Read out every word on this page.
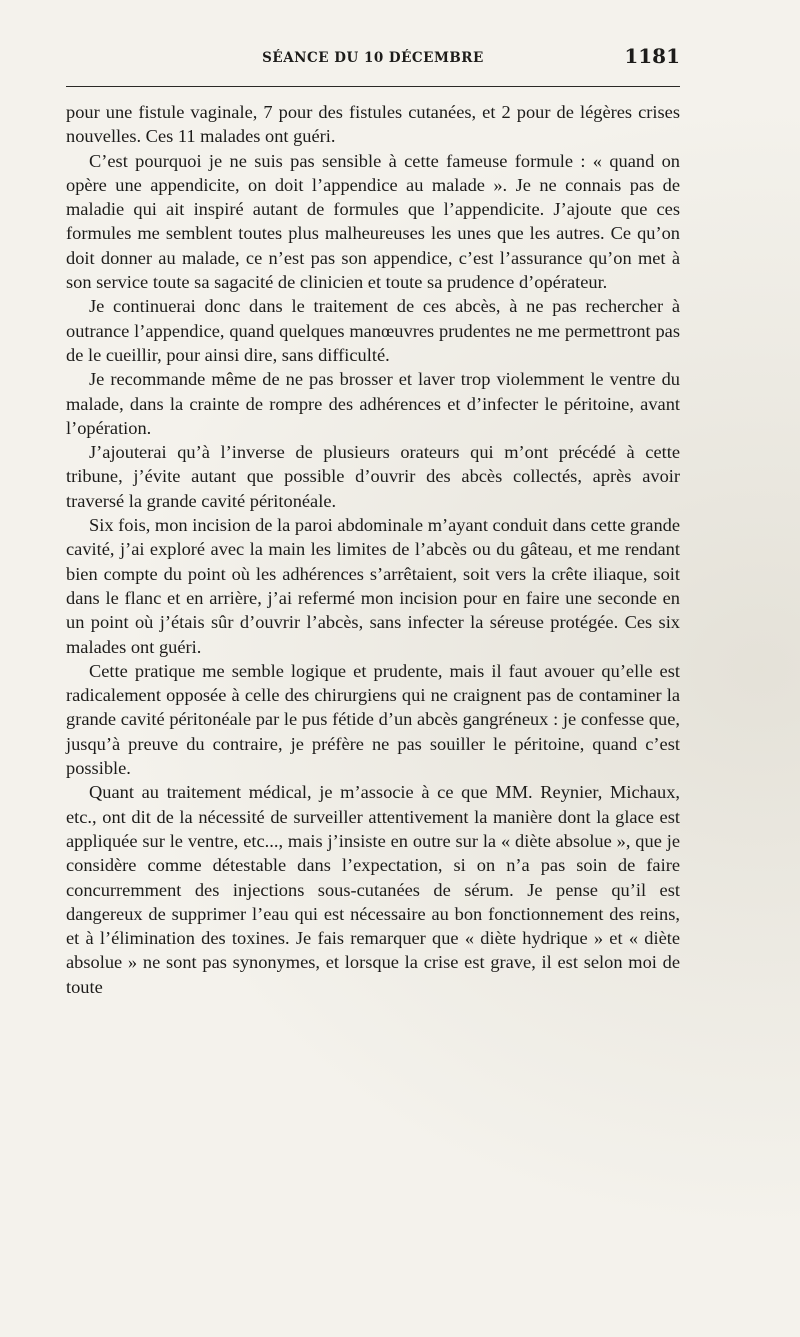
SÉANCE DU 10 DÉCEMBRE	1181

pour une fistule vaginale, 7 pour des fistules cutanées, et 2 pour de légères crises nouvelles. Ces 11 malades ont guéri.

C’est pourquoi je ne suis pas sensible à cette fameuse formule : « quand on opère une appendicite, on doit l’appendice au malade ». Je ne connais pas de maladie qui ait inspiré autant de formules que l’appendicite. J’ajoute que ces formules me semblent toutes plus malheureuses les unes que les autres. Ce qu’on doit donner au malade, ce n’est pas son appendice, c’est l’assurance qu’on met à son service toute sa sagacité de clinicien et toute sa prudence d’opérateur.

Je continuerai donc dans le traitement de ces abcès, à ne pas rechercher à outrance l’appendice, quand quelques manœuvres prudentes ne me permettront pas de le cueillir, pour ainsi dire, sans difficulté.

Je recommande même de ne pas brosser et laver trop violemment le ventre du malade, dans la crainte de rompre des adhérences et d’infecter le péritoine, avant l’opération.

J’ajouterai qu’à l’inverse de plusieurs orateurs qui m’ont précédé à cette tribune, j’évite autant que possible d’ouvrir des abcès collectés, après avoir traversé la grande cavité péritonéale.

Six fois, mon incision de la paroi abdominale m’ayant conduit dans cette grande cavité, j’ai exploré avec la main les limites de l’abcès ou du gâteau, et me rendant bien compte du point où les adhérences s’arrêtaient, soit vers la crête iliaque, soit dans le flanc et en arrière, j’ai refermé mon incision pour en faire une seconde en un point où j’étais sûr d’ouvrir l’abcès, sans infecter la séreuse protégée. Ces six malades ont guéri.

Cette pratique me semble logique et prudente, mais il faut avouer qu’elle est radicalement opposée à celle des chirurgiens qui ne craignent pas de contaminer la grande cavité péritonéale par le pus fétide d’un abcès gangréneux : je confesse que, jusqu’à preuve du contraire, je préfère ne pas souiller le péritoine, quand c’est possible.

Quant au traitement médical, je m’associe à ce que MM. Reynier, Michaux, etc., ont dit de la nécessité de surveiller attentivement la manière dont la glace est appliquée sur le ventre, etc..., mais j’insiste en outre sur la « diète absolue », que je considère comme détestable dans l’expectation, si on n’a pas soin de faire concurremment des injections sous-cutanées de sérum. Je pense qu’il est dangereux de supprimer l’eau qui est nécessaire au bon fonctionnement des reins, et à l’élimination des toxines. Je fais remarquer que « diète hydrique » et « diète absolue » ne sont pas synonymes, et lorsque la crise est grave, il est selon moi de toute
